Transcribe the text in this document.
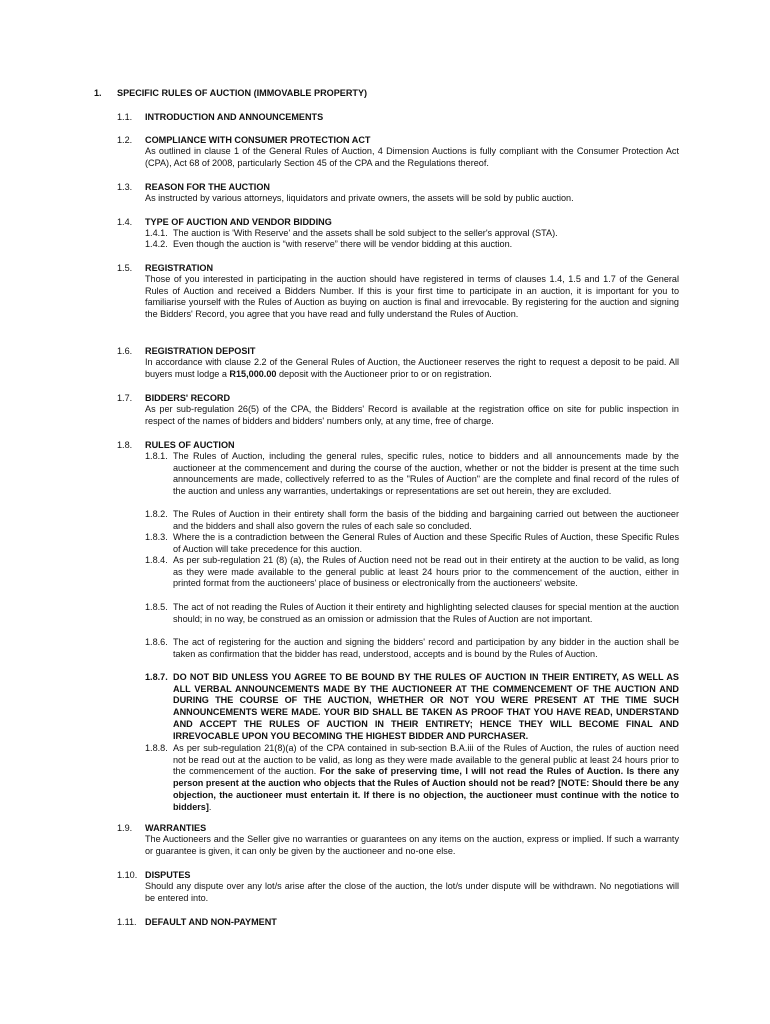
1. SPECIFIC RULES OF AUCTION (IMMOVABLE PROPERTY)
1.1. INTRODUCTION AND ANNOUNCEMENTS
1.2. COMPLIANCE WITH CONSUMER PROTECTION ACT
As outlined in clause 1 of the General Rules of Auction, 4 Dimension Auctions is fully compliant with the Consumer Protection Act (CPA), Act 68 of 2008, particularly Section 45 of the CPA and the Regulations thereof.
1.3. REASON FOR THE AUCTION
As instructed by various attorneys, liquidators and private owners, the assets will be sold by public auction.
1.4. TYPE OF AUCTION AND VENDOR BIDDING
1.4.1. The auction is 'With Reserve' and the assets shall be sold subject to the seller's approval (STA).
1.4.2. Even though the auction is “with reserve” there will be vendor bidding at this auction.
1.5. REGISTRATION
Those of you interested in participating in the auction should have registered in terms of clauses 1.4, 1.5 and 1.7 of the General Rules of Auction and received a Bidders Number. If this is your first time to participate in an auction, it is important for you to familiarise yourself with the Rules of Auction as buying on auction is final and irrevocable. By registering for the auction and signing the Bidders' Record, you agree that you have read and fully understand the Rules of Auction.
1.6. REGISTRATION DEPOSIT
In accordance with clause 2.2 of the General Rules of Auction, the Auctioneer reserves the right to request a deposit to be paid. All buyers must lodge a R15,000.00 deposit with the Auctioneer prior to or on registration.
1.7. BIDDERS' RECORD
As per sub-regulation 26(5) of the CPA, the Bidders' Record is available at the registration office on site for public inspection in respect of the names of bidders and bidders' numbers only, at any time, free of charge.
1.8. RULES OF AUCTION
1.8.1. The Rules of Auction, including the general rules, specific rules, notice to bidders and all announcements made by the auctioneer at the commencement and during the course of the auction, whether or not the bidder is present at the time such announcements are made, collectively referred to as the "Rules of Auction" are the complete and final record of the rules of the auction and unless any warranties, undertakings or representations are set out herein, they are excluded.
1.8.2. The Rules of Auction in their entirety shall form the basis of the bidding and bargaining carried out between the auctioneer and the bidders and shall also govern the rules of each sale so concluded.
1.8.3. Where the is a contradiction between the General Rules of Auction and these Specific Rules of Auction, these Specific Rules of Auction will take precedence for this auction.
1.8.4. As per sub-regulation 21 (8) (a), the Rules of Auction need not be read out in their entirety at the auction to be valid, as long as they were made available to the general public at least 24 hours prior to the commencement of the auction, either in printed format from the auctioneers' place of business or electronically from the auctioneers' website.
1.8.5. The act of not reading the Rules of Auction it their entirety and highlighting selected clauses for special mention at the auction should; in no way, be construed as an omission or admission that the Rules of Auction are not important.
1.8.6. The act of registering for the auction and signing the bidders' record and participation by any bidder in the auction shall be taken as confirmation that the bidder has read, understood, accepts and is bound by the Rules of Auction.
1.8.7. DO NOT BID UNLESS YOU AGREE TO BE BOUND BY THE RULES OF AUCTION IN THEIR ENTIRETY, AS WELL AS ALL VERBAL ANNOUNCEMENTS MADE BY THE AUCTIONEER AT THE COMMENCEMENT OF THE AUCTION AND DURING THE COURSE OF THE AUCTION, WHETHER OR NOT YOU WERE PRESENT AT THE TIME SUCH ANNOUNCEMENTS WERE MADE. YOUR BID SHALL BE TAKEN AS PROOF THAT YOU HAVE READ, UNDERSTAND AND ACCEPT THE RULES OF AUCTION IN THEIR ENTIRETY; HENCE THEY WILL BECOME FINAL AND IRREVOCABLE UPON YOU BECOMING THE HIGHEST BIDDER AND PURCHASER.
1.8.8. As per sub-regulation 21(8)(a) of the CPA contained in sub-section B.A.iii of the Rules of Auction, the rules of auction need not be read out at the auction to be valid, as long as they were made available to the general public at least 24 hours prior to the commencement of the auction. For the sake of preserving time, I will not read the Rules of Auction. Is there any person present at the auction who objects that the Rules of Auction should not be read? [NOTE: Should there be any objection, the auctioneer must entertain it. If there is no objection, the auctioneer must continue with the notice to bidders].
1.9. WARRANTIES
The Auctioneers and the Seller give no warranties or guarantees on any items on the auction, express or implied. If such a warranty or guarantee is given, it can only be given by the auctioneer and no-one else.
1.10. DISPUTES
Should any dispute over any lot/s arise after the close of the auction, the lot/s under dispute will be withdrawn. No negotiations will be entered into.
1.11. DEFAULT AND NON-PAYMENT
